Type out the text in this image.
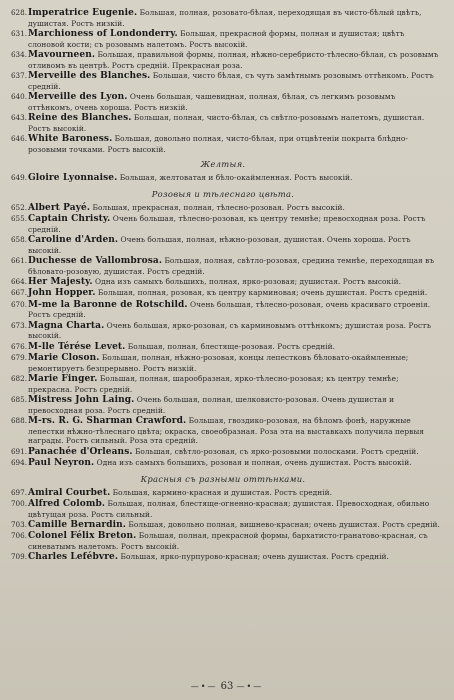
628. Imperatrice Eugenie. Большая, полная, розовато-бѣлая, переходящая въ чисто-бѣлый цвѣтъ, душистая. Ростъ низкій.
631. Marchioness of Londonderry. Большая, прекрасной формы, полная и душистая; цвѣтъ слоновой кости; съ розовымъ налетомъ. Ростъ высокій.
634. Mavourneen. Большая, правильной формы, полная, нѣжно-серебристо-тѣлесно-бѣлая, съ розовымъ отливомъ въ центрѣ. Ростъ средній. Прекрасная роза.
637. Merveille des Blanches. Большая, чисто бѣлая, съ чуть замѣтнымъ розовымъ оттѣнкомъ. Ростъ средній.
640. Merveille des Lyon. Очень большая, чашевидная, полная, бѣлая, съ легкимъ розовымъ оттѣнкомъ, очень хороша. Ростъ низкій.
643. Reine des Blanches. Большая, полная, чисто-бѣлая, съ свѣтло-розовымъ налетомъ, душистая. Ростъ высокій.
646. White Baroness. Большая, довольно полная, чисто-бѣлая, при отцвѣтеніи покрыта блѣдно-розовыми точками. Ростъ высокій.
Желтыя.
649. Gloire Lyonnaise. Большая, желтоватая и бѣло-окаймленная. Ростъ высокій.
Розовыя и тѣлеснаго цвѣта.
652. Albert Payé. Большая, прекрасная, полная, тѣлесно-розовая. Ростъ высокій.
655. Captain Christy. Очень большая, тѣлесно-розовая, къ центру темнѣе; превосходная роза. Ростъ средній.
658. Caroline d'Arden. Очень большая, полная, нѣжно-розовая, душистая. Очень хороша. Ростъ высокій.
661. Duchesse de Vallombrosa. Большая, полная, свѣтло-розовая, средина темнѣе, переходящая въ бѣловато-розовую, душистая. Ростъ средній.
664. Her Majesty. Одна изъ самыхъ большихъ, полная, ярко-розовая; душистая. Ростъ высокій.
667. John Hopper. Большая, полная, розовая, къ центру карминовая; очень душистая. Ростъ средній.
670. M-me la Baronne de Rotschild. Очень большая, тѣлесно-розовая, очень красиваго строенія. Ростъ средній.
673. Magna Charta. Очень большая, ярко-розовая, съ карминовымъ оттѣнкомъ; душистая роза. Ростъ высокій.
676. M-lle Térése Levet. Большая, полная, блестяще-розовая. Ростъ средній.
679. Marie Closon. Большая, полная, нѣжно-розовая, концы лепестковъ бѣловато-окаймленные; ремонтируетъ безпрерывно. Ростъ низкій.
682. Marie Finger. Большая, полная, шарообразная, ярко-тѣлесно-розовая; къ центру темнѣе; прекрасна. Ростъ средній.
685. Mistress John Laing. Очень большая, полная, шелковисто-розовая. Очень душистая и превосходная роза. Ростъ средній.
688. M-rs. R. G. Sharman Crawford. Большая, гвоздико-розовая, на бѣломъ фонѣ, наружные лепестки нѣжно-тѣлеснаго цвѣта; окраска, своеобразная. Роза эта на выставкахъ получила первыя награды. Ростъ сильный. Роза эта средній.
691. Panachée d'Orleans. Большая, свѣтло-розовая, съ ярко-розовыми полосками. Ростъ средній.
694. Paul Neyron. Одна изъ самыхъ большихъ, розовая и полная, очень душистая. Ростъ высокій.
Красныя съ разными оттѣнками.
697. Amiral Courbet. Большая, кармино-красная и душистая. Ростъ средній.
700. Alfred Colomb. Большая, полная, блестяще-огненно-красная; душистая. Превосходная, обильно цвѣтущая роза. Ростъ сильный.
703. Camille Bernardin. Большая, довольно полная, вишнево-красная; очень душистая. Ростъ средній.
706. Colonel Félix Breton. Большая, полная, прекрасной формы, бархатисто-гранатово-красная, съ синеватымъ налетомъ. Ростъ высокій.
709. Charles Lefébvre. Большая, ярко-пурпурово-красная; очень душистая. Ростъ средній.
—•— 63 —•—
